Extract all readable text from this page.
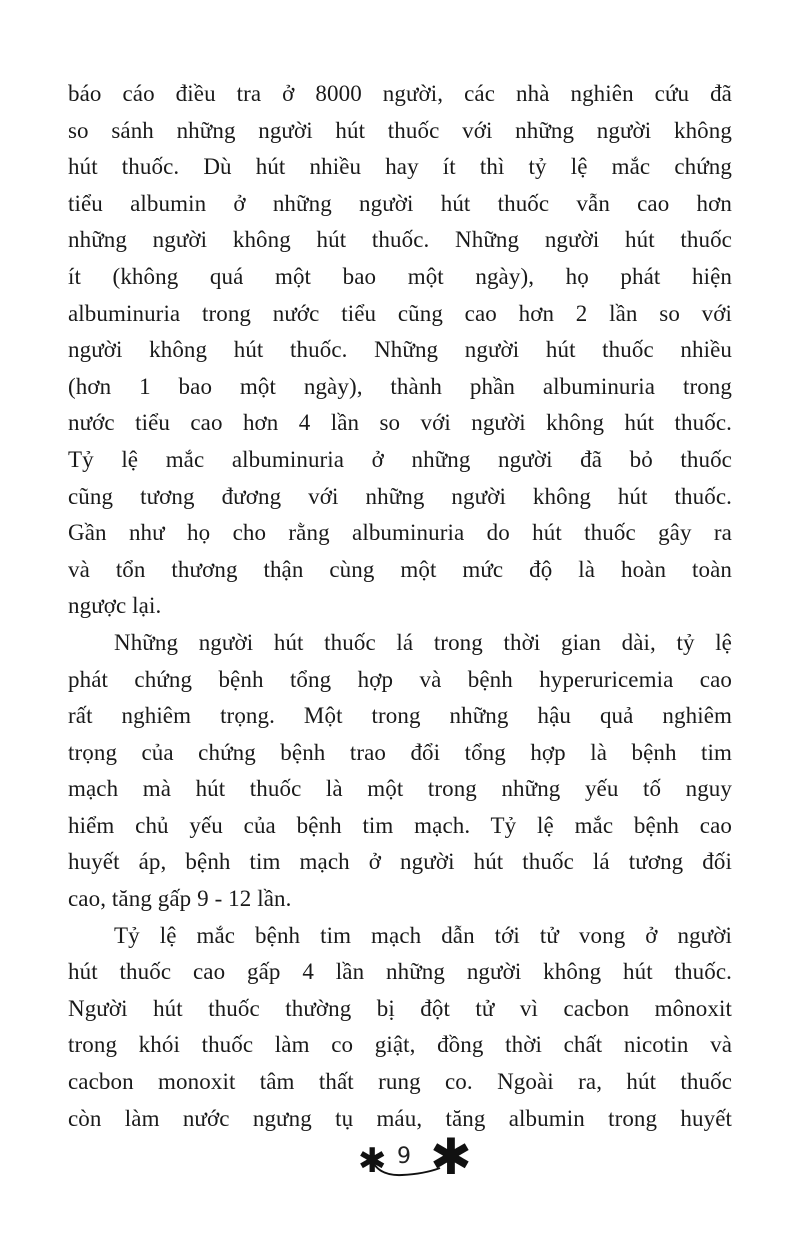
báo cáo điều tra ở 8000 người, các nhà nghiên cứu đã
so sánh những người hút thuốc với những người không
hút thuốc. Dù hút nhiều hay ít thì tỷ lệ mắc chứng
tiểu albumin ở những người hút thuốc vẫn cao hơn
những người không hút thuốc. Những người hút thuốc
ít (không quá một bao một ngày), họ phát hiện
albuminuria trong nước tiểu cũng cao hơn 2 lần so với
người không hút thuốc. Những người hút thuốc nhiều
(hơn 1 bao một ngày), thành phần albuminuria trong
nước tiểu cao hơn 4 lần so với người không hút thuốc.
Tỷ lệ mắc albuminuria ở những người đã bỏ thuốc
cũng tương đương với những người không hút thuốc.
Gần như họ cho rằng albuminuria do hút thuốc gây ra
và tổn thương thận cùng một mức độ là hoàn toàn
ngược lại.
Những người hút thuốc lá trong thời gian dài, tỷ lệ
phát chứng bệnh tổng hợp và bệnh hyperuricemia cao
rất nghiêm trọng. Một trong những hậu quả nghiêm
trọng của chứng bệnh trao đổi tổng hợp là bệnh tim
mạch mà hút thuốc là một trong những yếu tố nguy
hiểm chủ yếu của bệnh tim mạch. Tỷ lệ mắc bệnh cao
huyết áp, bệnh tim mạch ở người hút thuốc lá tương đối
cao, tăng gấp 9 - 12 lần.
Tỷ lệ mắc bệnh tim mạch dẫn tới tử vong ở người
hút thuốc cao gấp 4 lần những người không hút thuốc.
Người hút thuốc thường bị đột tử vì cacbon mônoxit
trong khói thuốc làm co giật, đồng thời chất nicotin và
cacbon monoxit tâm thất rung co. Ngoài ra, hút thuốc
còn làm nước ngưng tụ máu, tăng albumin trong huyết
✱ 9 ✱
